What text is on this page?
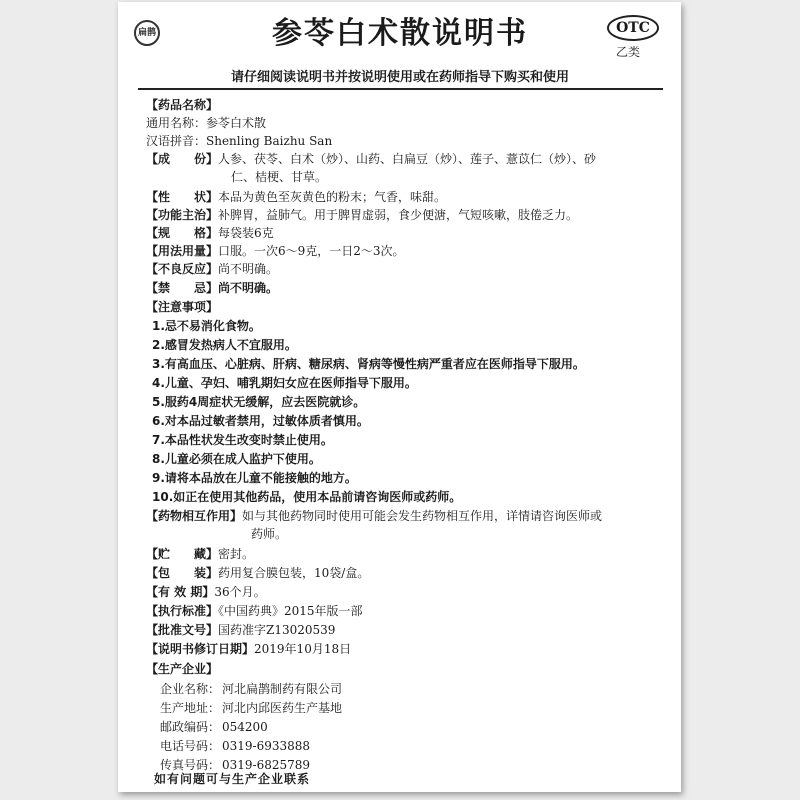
扁鹊	参苓白术散说明书	OTC
乙类
请仔细阅读说明书并按说明使用或在药师指导下购买和使用
【药品名称】
通用名称：参苓白术散
汉语拼音：Shenling Baizhu San
【成　　份】人参、茯苓、白术（炒）、山药、白扁豆（炒）、莲子、薏苡仁（炒）、砂
仁、桔梗、甘草。
【性　　状】本品为黄色至灰黄色的粉末；气香，味甜。
【功能主治】补脾胃，益肺气。用于脾胃虚弱，食少便溏，气短咳嗽，肢倦乏力。
【规　　格】每袋装6克
【用法用量】口服。一次6～9克，一日2～3次。
【不良反应】尚不明确。
【禁　　忌】尚不明确。
【注意事项】
1.忌不易消化食物。
2.感冒发热病人不宜服用。
3.有高血压、心脏病、肝病、糖尿病、肾病等慢性病严重者应在医师指导下服用。
4.儿童、孕妇、哺乳期妇女应在医师指导下服用。
5.服药4周症状无缓解，应去医院就诊。
6.对本品过敏者禁用，过敏体质者慎用。
7.本品性状发生改变时禁止使用。
8.儿童必须在成人监护下使用。
9.请将本品放在儿童不能接触的地方。
10.如正在使用其他药品，使用本品前请咨询医师或药师。
【药物相互作用】如与其他药物同时使用可能会发生药物相互作用，详情请咨询医师或
药师。
【贮　　藏】密封。
【包　　装】药用复合膜包装，10袋/盒。
【有 效 期】36个月。
【执行标准】《中国药典》2015年版一部
【批准文号】国药准字Z13020539
【说明书修订日期】2019年10月18日
【生产企业】
企业名称： 河北扁鹊制药有限公司
生产地址： 河北内邱医药生产基地
邮政编码： 054200
电话号码： 0319-6933888
传真号码： 0319-6825789
如有问题可与生产企业联系
